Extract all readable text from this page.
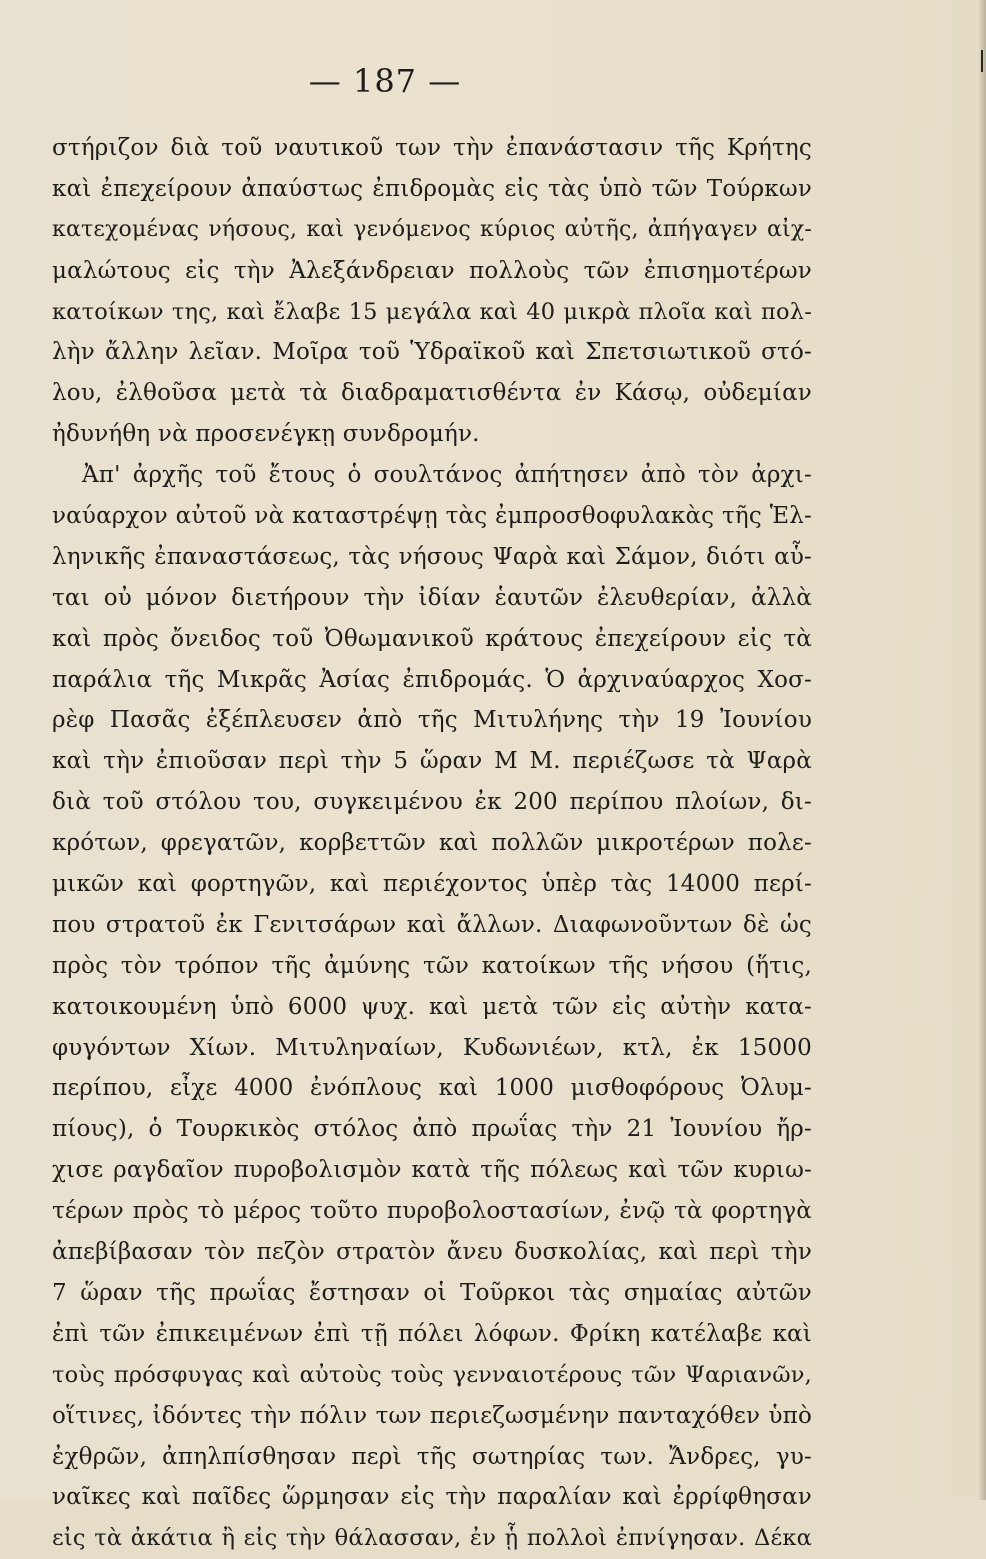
— 187 —
στήριζον διὰ τοῦ ναυτικοῦ των τὴν ἐπανάστασιν τῆς Κρήτης
καὶ ἐπεχείρουν ἀπαύστως ἐπιδρομὰς εἰς τὰς ὑπὸ τῶν Τούρκων
κατεχομένας νήσους, καὶ γενόμενος κύριος αὐτῆς, ἀπήγαγεν αἰχ-
μαλώτους εἰς τὴν Ἀλεξάνδρειαν πολλοὺς τῶν ἐπισημοτέρων
κατοίκων της, καὶ ἔλαβε 15 μεγάλα καὶ 40 μικρὰ πλοῖα καὶ πολ-
λὴν ἄλλην λεῖαν. Μοῖρα τοῦ Ὑδραϊκοῦ καὶ Σπετσιωτικοῦ στό-
λου, ἐλθοῦσα μετὰ τὰ διαδραματισθέντα ἐν Κάσῳ, οὐδεμίαν
ἠδυνήθη νὰ προσενέγκῃ συνδρομήν.
Ἀπ' ἀρχῆς τοῦ ἔτους ὁ σουλτάνος ἀπήτησεν ἀπὸ τὸν ἀρχι-
ναύαρχον αὐτοῦ νὰ καταστρέψῃ τὰς ἐμπροσθοφυλακὰς τῆς Ἑλ-
ληνικῆς ἐπαναστάσεως, τὰς νήσους Ψαρὰ καὶ Σάμον, διότι αὗ-
ται οὐ μόνον διετήρουν τὴν ἰδίαν ἑαυτῶν ἐλευθερίαν, ἀλλὰ
καὶ πρὸς ὄνειδος τοῦ Ὀθωμανικοῦ κράτους ἐπεχείρουν εἰς τὰ
παράλια τῆς Μικρᾶς Ἀσίας ἐπιδρομάς. Ὁ ἀρχιναύαρχος Χοσ-
ρὲφ Πασᾶς ἐξέπλευσεν ἀπὸ τῆς Μιτυλήνης τὴν 19 Ἰουνίου
καὶ τὴν ἐπιοῦσαν περὶ τὴν 5 ὥραν Μ Μ. περιέζωσε τὰ Ψαρὰ
διὰ τοῦ στόλου του, συγκειμένου ἐκ 200 περίπου πλοίων, δι-
κρότων, φρεγατῶν, κορβεττῶν καὶ πολλῶν μικροτέρων πολε-
μικῶν καὶ φορτηγῶν, καὶ περιέχοντος ὑπὲρ τὰς 14000 περί-
που στρατοῦ ἐκ Γενιτσάρων καὶ ἄλλων. Διαφωνοῦντων δὲ ὡς
πρὸς τὸν τρόπον τῆς ἀμύνης τῶν κατοίκων τῆς νήσου (ἥτις,
κατοικουμένη ὑπὸ 6000 ψυχ. καὶ μετὰ τῶν εἰς αὐτὴν κατα-
φυγόντων Χίων. Μιτυληναίων, Κυδωνιέων, κτλ, ἐκ 15000
περίπου, εἶχε 4000 ἐνόπλους καὶ 1000 μισθοφόρους Ὀλυμ-
πίους), ὁ Τουρκικὸς στόλος ἀπὸ πρωΐας τὴν 21 Ἰουνίου ἤρ-
χισε ραγδαῖον πυροβολισμὸν κατὰ τῆς πόλεως καὶ τῶν κυριω-
τέρων πρὸς τὸ μέρος τοῦτο πυροβολοστασίων, ἐνῷ τὰ φορτηγὰ
ἀπεβίβασαν τὸν πεζὸν στρατὸν ἄνευ δυσκολίας, καὶ περὶ τὴν
7 ὥραν τῆς πρωΐας ἔστησαν οἱ Τοῦρκοι τὰς σημαίας αὐτῶν
ἐπὶ τῶν ἐπικειμένων ἐπὶ τῇ πόλει λόφων. Φρίκη κατέλαβε καὶ
τοὺς πρόσφυγας καὶ αὐτοὺς τοὺς γενναιοτέρους τῶν Ψαριανῶν,
οἵτινες, ἰδόντες τὴν πόλιν των περιεζωσμένην πανταχόθεν ὑπὸ
ἐχθρῶν, ἀπηλπίσθησαν περὶ τῆς σωτηρίας των. Ἄνδρες, γυ-
ναῖκες καὶ παῖδες ὥρμησαν εἰς τὴν παραλίαν καὶ ἐρρίφθησαν
εἰς τὰ ἀκάτια ἢ εἰς τὴν θάλασσαν, ἐν ᾗ πολλοὶ ἐπνίγησαν. Δέκα
